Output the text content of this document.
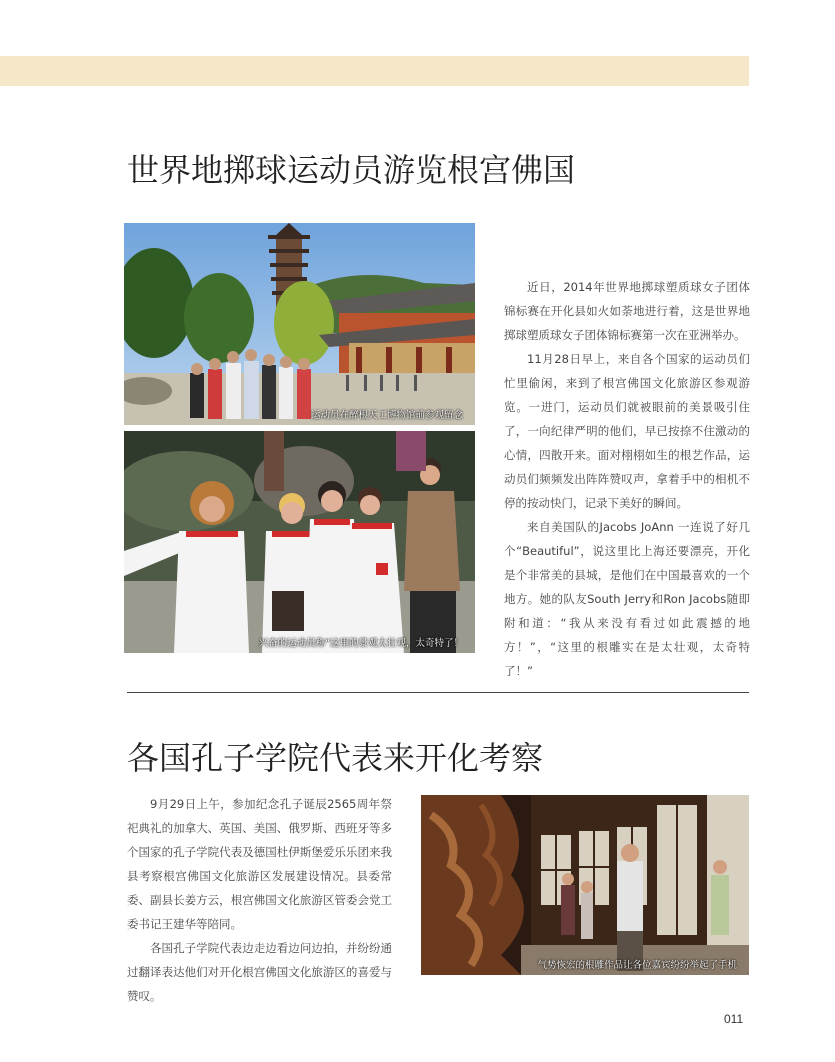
世界地掷球运动员游览根宫佛国
运动员在醉根天工博物馆前参观留念
兴奋的运动员称“这里的景观太壮观，太奇特了！

近日，2014年世界地掷球塑质球女子团体锦标赛在开化县如火如荼地进行着，这是世界地掷球塑质球女子团体锦标赛第一次在亚洲举办。

11月28日早上，来自各个国家的运动员们忙里偷闲，来到了根宫佛国文化旅游区参观游览。一进门，运动员们就被眼前的美景吸引住了，一向纪律严明的他们，早已按捺不住激动的心情，四散开来。面对栩栩如生的根艺作品，运动员们频频发出阵阵赞叹声，拿着手中的相机不停的按动快门，记录下美好的瞬间。

来自美国队的Jacobs JoAnn 一连说了好几个“Beautiful”，说这里比上海还要漂亮，开化是个非常美的县城，是他们在中国最喜欢的一个地方。她的队友South Jerry和Ron Jacobs随即附和道：“我从来没有看过如此震撼的地方！”，“这里的根雕实在是太壮观，太奇特了！”

各国孔子学院代表来开化考察

9月29日上午，参加纪念孔子诞辰2565周年祭祀典礼的加拿大、英国、美国、俄罗斯、西班牙等多个国家的孔子学院代表及德国杜伊斯堡爱乐乐团来我县考察根宫佛国文化旅游区发展建设情况。县委常委、副县长姜方云，根宫佛国文化旅游区管委会党工委书记王建华等陪同。

各国孔子学院代表边走边看边问边拍，并纷纷通过翻译表达他们对开化根宫佛国文化旅游区的喜爱与赞叹。

气势恢宏的根雕作品让各位嘉宾纷纷举起了手机
011
